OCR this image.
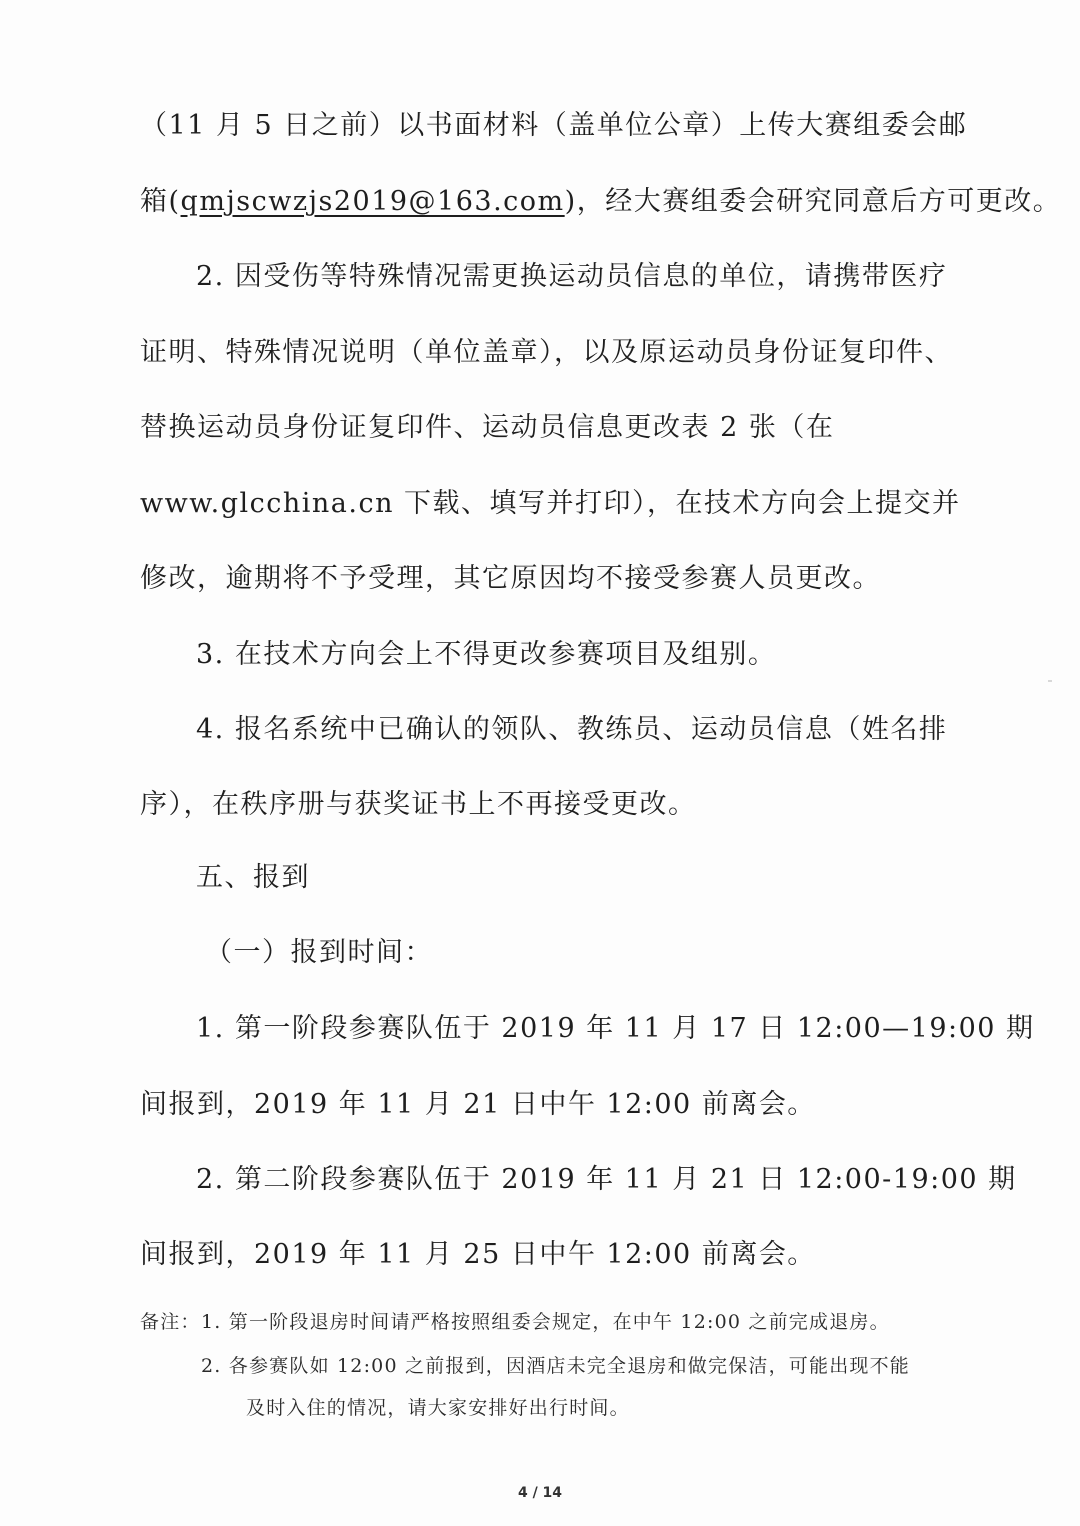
（11 月 5 日之前）以书面材料（盖单位公章）上传大赛组委会邮
箱(qmjscwzjs2019@163.com)，经大赛组委会研究同意后方可更改。
2. 因受伤等特殊情况需更换运动员信息的单位，请携带医疗
证明、特殊情况说明（单位盖章），以及原运动员身份证复印件、
替换运动员身份证复印件、运动员信息更改表 2 张（在
www.glcchina.cn 下载、填写并打印），在技术方向会上提交并
修改，逾期将不予受理，其它原因均不接受参赛人员更改。
3. 在技术方向会上不得更改参赛项目及组别。
4. 报名系统中已确认的领队、教练员、运动员信息（姓名排
序），在秩序册与获奖证书上不再接受更改。
五、报到
（一）报到时间：
1. 第一阶段参赛队伍于 2019 年 11 月 17 日 12:00—19:00 期
间报到，2019 年 11 月 21 日中午 12:00 前离会。
2. 第二阶段参赛队伍于 2019 年 11 月 21 日 12:00-19:00 期
间报到，2019 年 11 月 25 日中午 12:00 前离会。
备注： 1. 第一阶段退房时间请严格按照组委会规定，在中午 12:00 之前完成退房。
2. 各参赛队如 12:00 之前报到，因酒店未完全退房和做完保洁，可能出现不能
及时入住的情况，请大家安排好出行时间。
4 / 14
